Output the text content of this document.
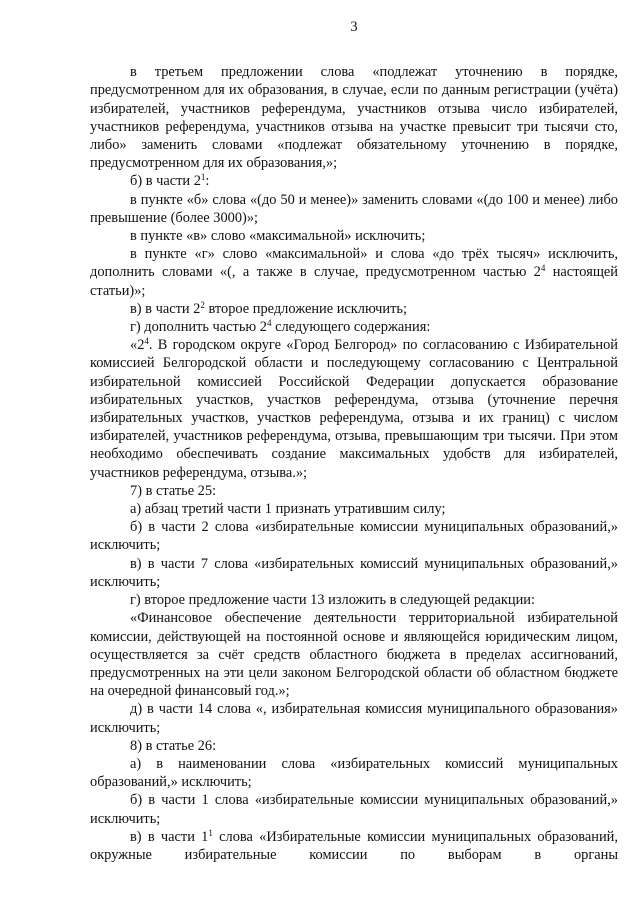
3

в третьем предложении слова «подлежат уточнению в порядке, предусмотренном для их образования, в случае, если по данным регистрации (учёта) избирателей, участников референдума, участников отзыва число избирателей, участников референдума, участников отзыва на участке превысит три тысячи сто, либо» заменить словами «подлежат обязательному уточнению в порядке, предусмотренном для их образования,»;

б) в части $2^1$:

в пункте «б» слова «(до 50 и менее)» заменить словами «(до 100 и менее) либо превышение (более 3000)»;

в пункте «в» слово «максимальной» исключить;

в пункте «г» слово «максимальной» и слова «до трёх тысяч» исключить, дополнить словами «(, а также в случае, предусмотренном частью $2^4$ настоящей статьи)»;

в) в части $2^2$ второе предложение исключить;

г) дополнить частью $2^4$ следующего содержания:

«$2^4$. В городском округе «Город Белгород» по согласованию с Избирательной комиссией Белгородской области и последующему согласованию с Центральной избирательной комиссией Российской Федерации допускается образование избирательных участков, участков референдума, отзыва (уточнение перечня избирательных участков, участков референдума, отзыва и их границ) с числом избирателей, участников референдума, отзыва, превышающим три тысячи. При этом необходимо обеспечивать создание максимальных удобств для избирателей, участников референдума, отзыва.»;

7) в статье 25:

а) абзац третий части 1 признать утратившим силу;

б) в части 2 слова «избирательные комиссии муниципальных образований,» исключить;

в) в части 7 слова «избирательных комиссий муниципальных образований,» исключить;

г) второе предложение части 13 изложить в следующей редакции:

«Финансовое обеспечение деятельности территориальной избирательной комиссии, действующей на постоянной основе и являющейся юридическим лицом, осуществляется за счёт средств областного бюджета в пределах ассигнований, предусмотренных на эти цели законом Белгородской области об областном бюджете на очередной финансовый год.»;

д) в части 14 слова «, избирательная комиссия муниципального образования» исключить;

8) в статье 26:

а) в наименовании слова «избирательных комиссий муниципальных образований,» исключить;

б) в части 1 слова «избирательные комиссии муниципальных образований,» исключить;

в) в части $1^1$ слова «Избирательные комиссии муниципальных образований, окружные избирательные комиссии по выборам в органы
